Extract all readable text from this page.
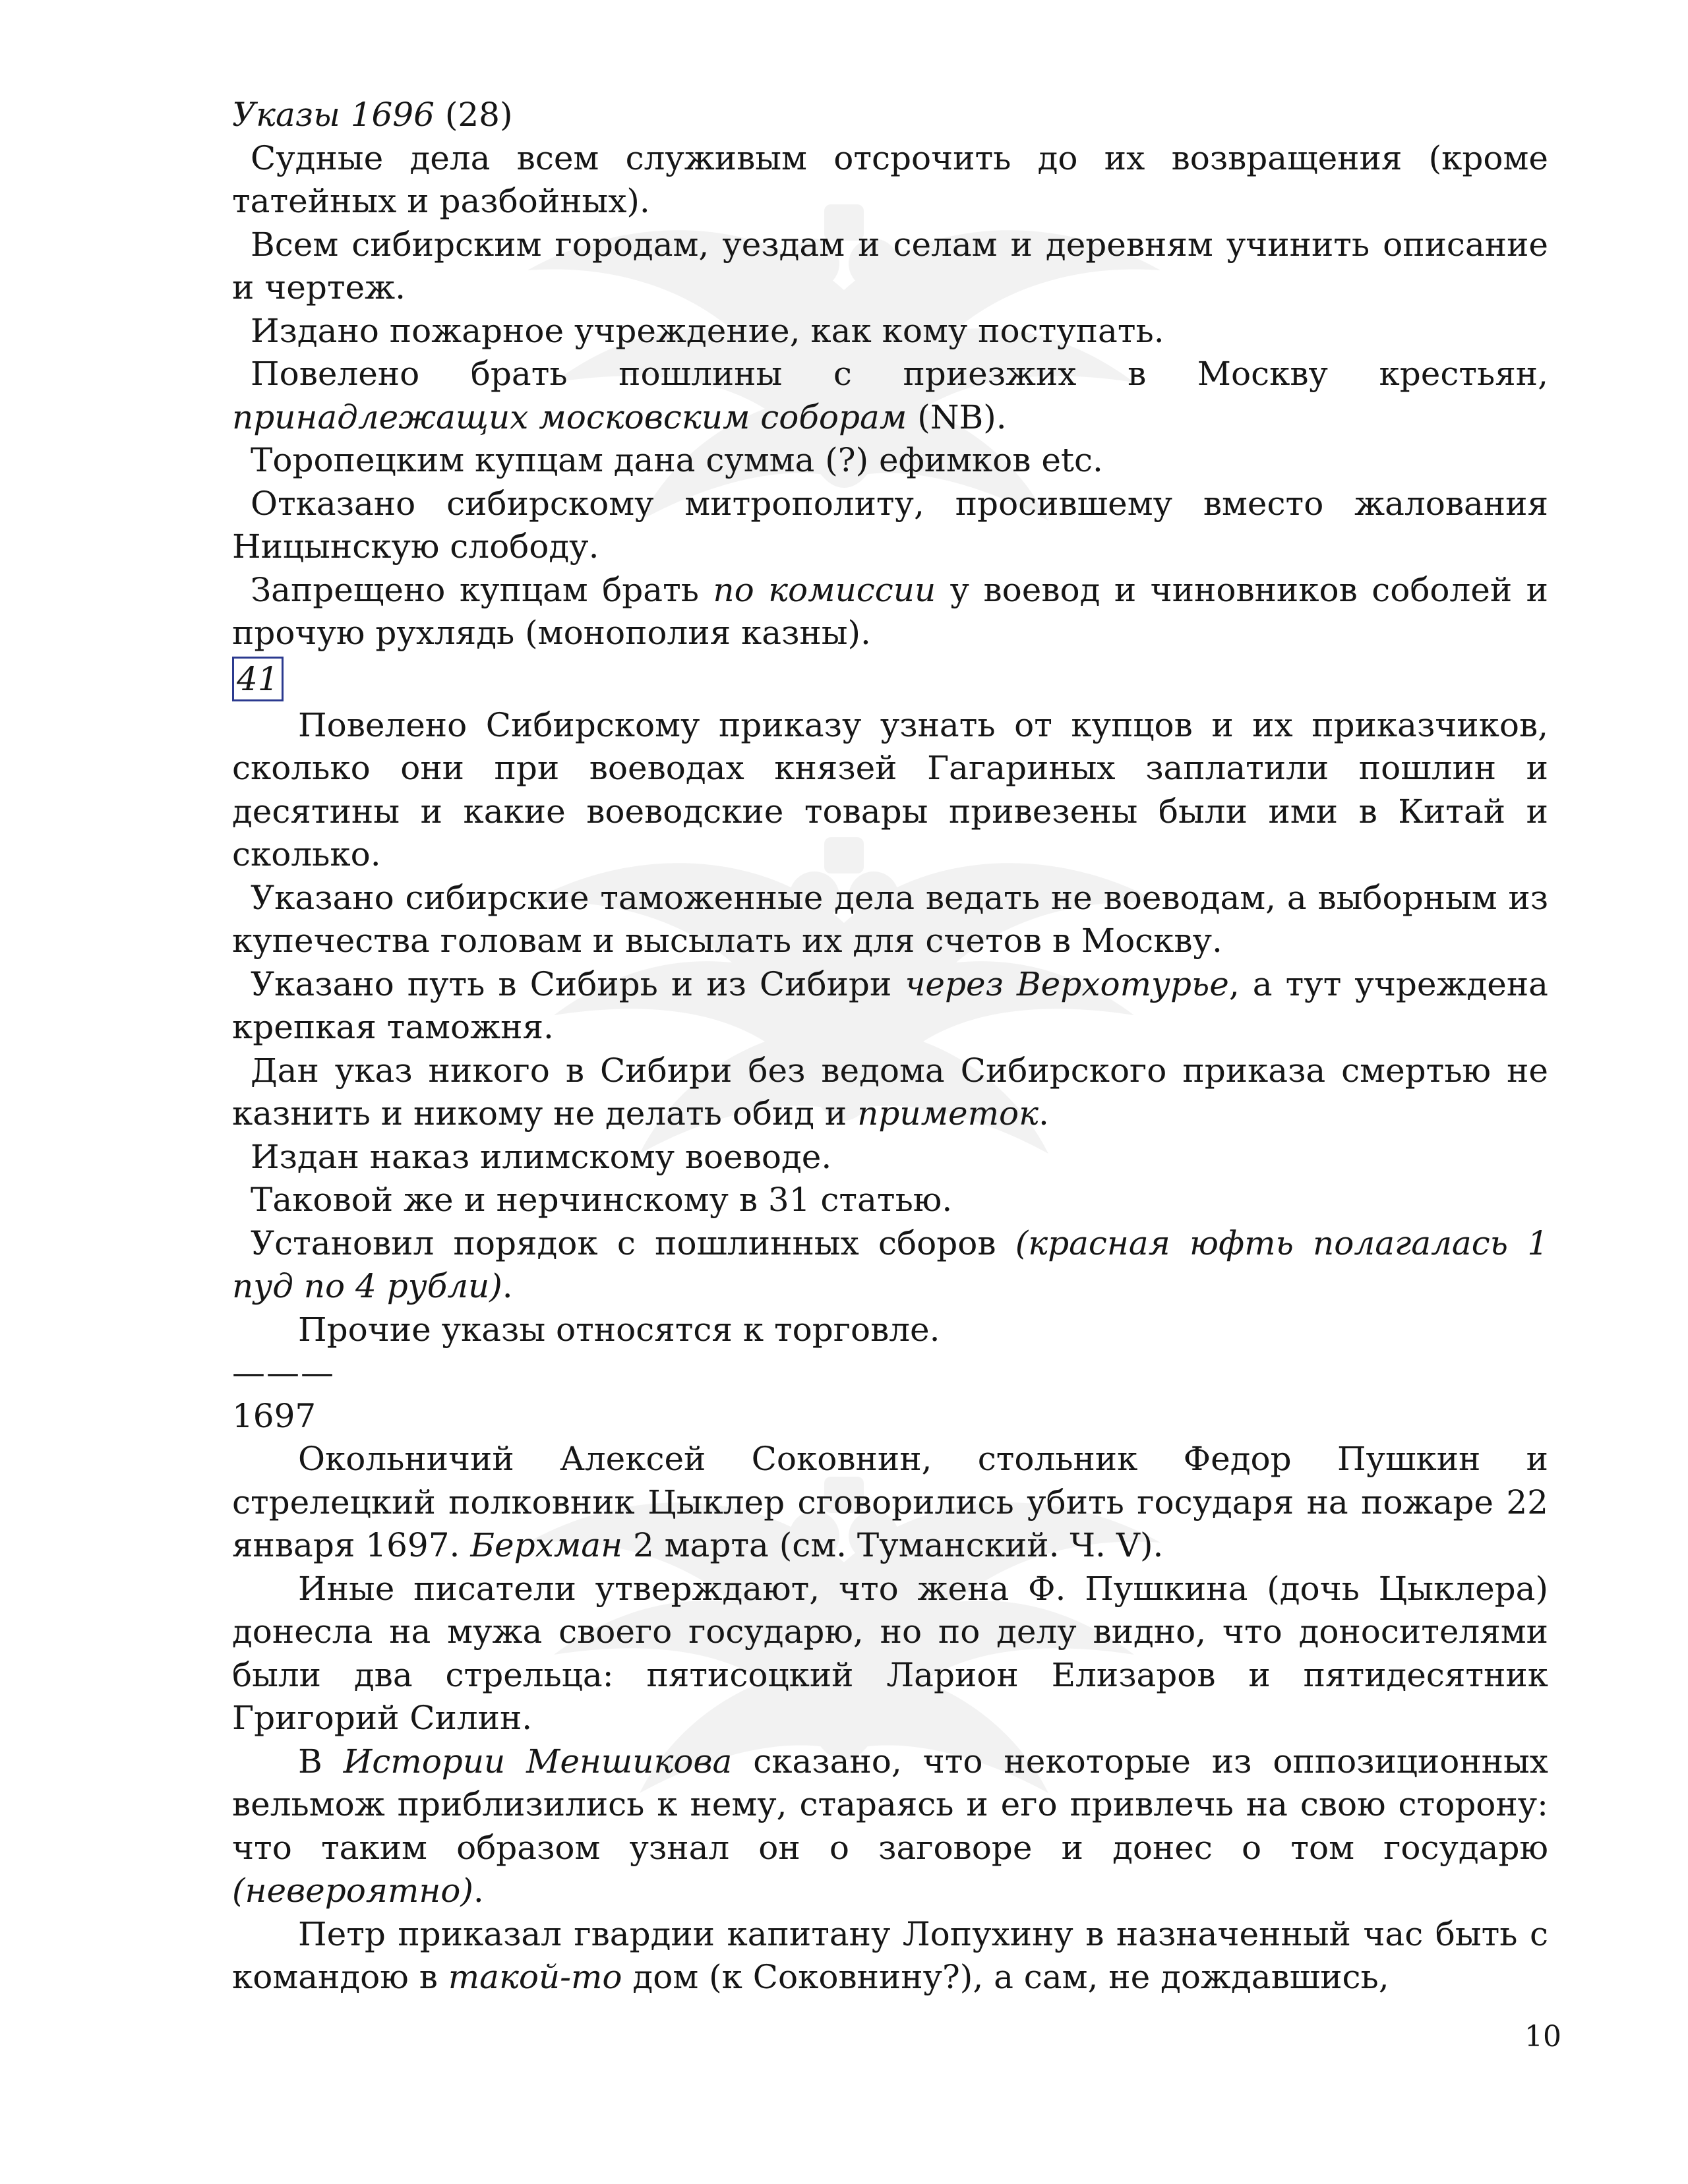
Указы 1696 (28)

Судные дела всем служивым отсрочить до их возвращения (кроме татейных и разбойных).

Всем сибирским городам, уездам и селам и деревням учинить описание и чертеж.

Издано пожарное учреждение, как кому поступать.

Повелено брать пошлины с приезжих в Москву крестьян, принадлежащих московским соборам (NB).

Торопецким купцам дана сумма (?) ефимков etc.

Отказано сибирскому митрополиту, просившему вместо жалования Ницынскую слободу.

Запрещено купцам брать по комиссии у воевод и чиновников соболей и прочую рухлядь (монополия казны).

41

Повелено Сибирскому приказу узнать от купцов и их приказчиков, сколько они при воеводах князей Гагариных заплатили пошлин и десятины и какие воеводские товары привезены были ими в Китай и сколько.

Указано сибирские таможенные дела ведать не воеводам, а выборным из купечества головам и высылать их для счетов в Москву.

Указано путь в Сибирь и из Сибири через Верхотурье, а тут учреждена крепкая таможня.

Дан указ никого в Сибири без ведома Сибирского приказа смертью не казнить и никому не делать обид и приметок.

Издан наказ илимскому воеводе.

Таковой же и нерчинскому в 31 статью.

Установил порядок с пошлинных сборов (красная юфть полагалась 1 пуд по 4 рубли).

Прочие указы относятся к торговле.

———

1697

Окольничий Алексей Соковнин, стольник Федор Пушкин и стрелецкий полковник Цыклер сговорились убить государя на пожаре 22 января 1697. Берхман 2 марта (см. Туманский. Ч. V).

Иные писатели утверждают, что жена Ф. Пушкина (дочь Цыклера) донесла на мужа своего государю, но по делу видно, что доносителями были два стрельца: пятисоцкий Ларион Елизаров и пятидесятник Григорий Силин.

В Истории Меншикова сказано, что некоторые из оппозиционных вельмож приблизились к нему, стараясь и его привлечь на свою сторону: что таким образом узнал он о заговоре и донес о том государю (невероятно).

Петр приказал гвардии капитану Лопухину в назначенный час быть с командою в такой-то дом (к Соковнину?), а сам, не дождавшись,

10
